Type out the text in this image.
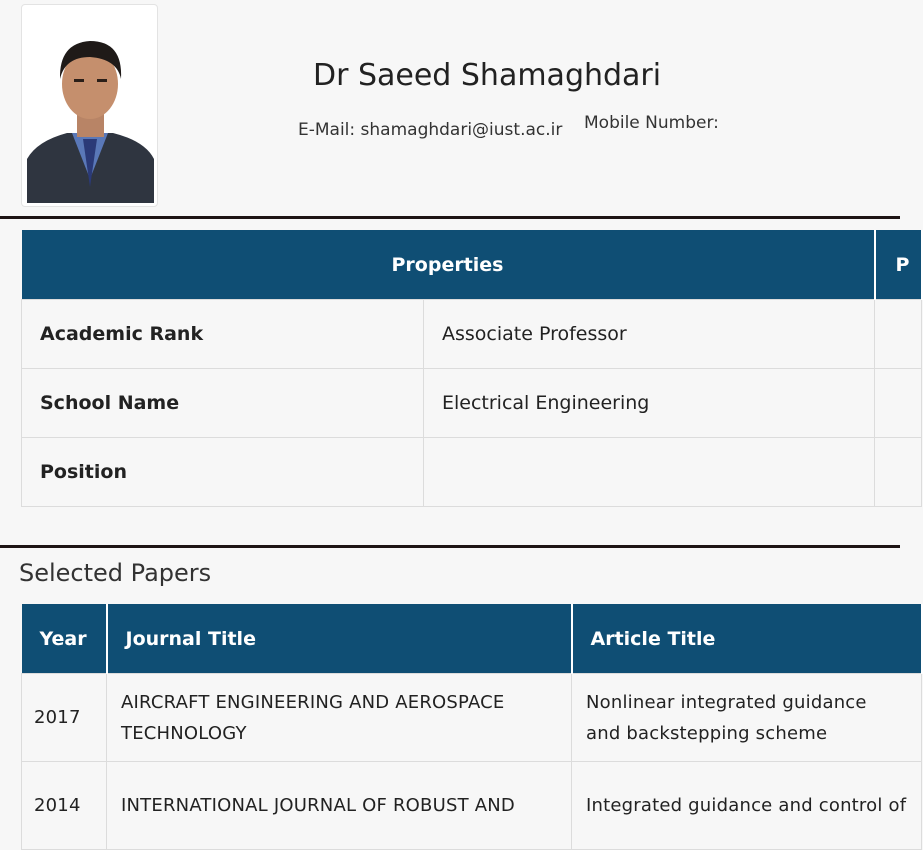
Dr Saeed Shamaghdari
E-Mail: shamaghdari@iust.ac.ir Mobile Number:
Properties		P
Academic Rank	Associate Professor	
School Name	Electrical Engineering	
Position		
Selected Papers
Year	Journal Title	Article Title
2017	AIRCRAFT ENGINEERING AND AEROSPACE TECHNOLOGY	Nonlinear integrated guidance and backstepping scheme
2014	INTERNATIONAL JOURNAL OF ROBUST AND	Integrated guidance and control of
